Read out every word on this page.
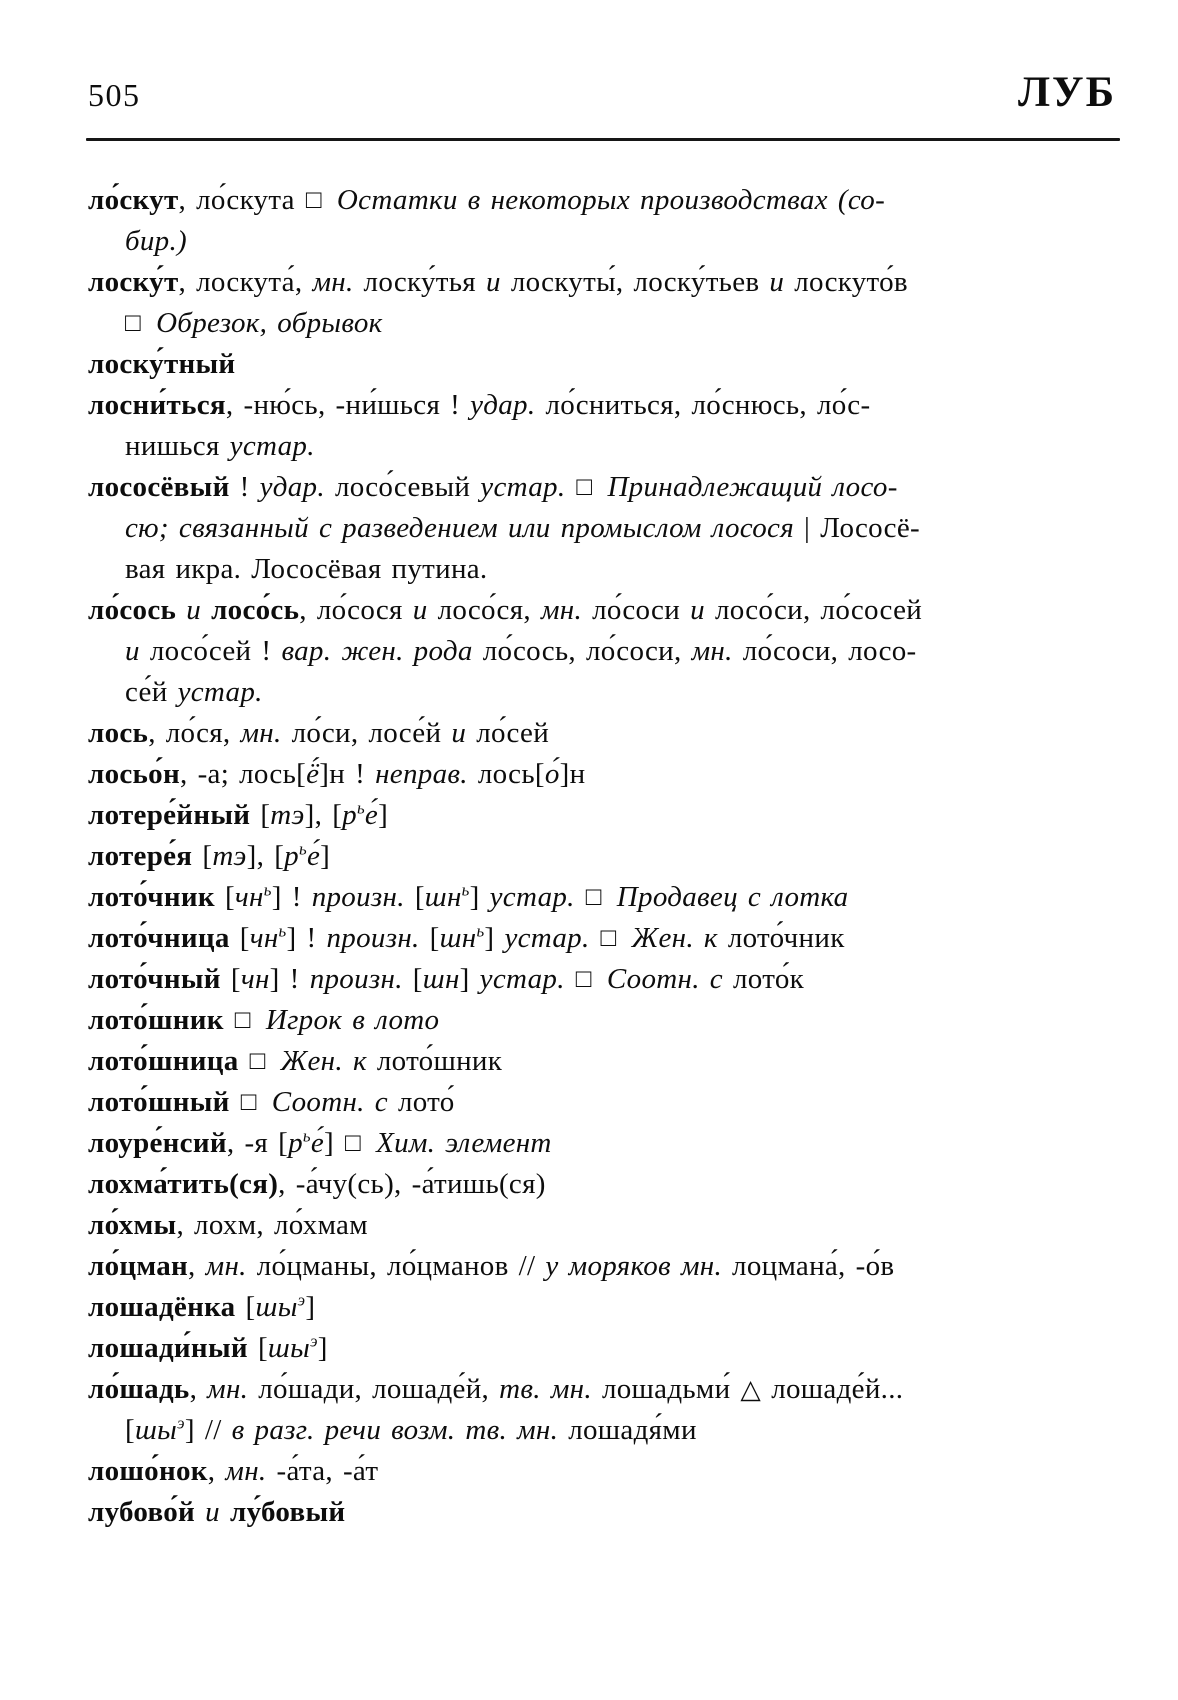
505	ЛУБ
ло́скут, ло́скута □ Остатки в некоторых производствах (со-
бир.)
лоску́т, лоскута́, мн. лоску́тья и лоскуты́, лоску́тьев и лоскуто́в
□ Обрезок, обрывок
лоску́тный
лосни́ться, -ню́сь, -ни́шься ! удар. ло́сниться, ло́снюсь, ло́с-
нишься устар.
лососёвый ! удар. лосо́севый устар. □ Принадлежащий лосо-
сю; связанный с разведением или промыслом лосося | Лососё-
вая икра. Лососёвая путина.
ло́сось и лосо́сь, ло́сося и лосо́ся, мн. ло́соси и лосо́си, ло́сосей
и лосо́сей ! вар. жен. рода ло́сось, ло́соси, мн. ло́соси, лосо-
се́й устар.
лось, ло́ся, мн. ло́си, лосе́й и ло́сей
лосьо́н, -а; лось[ё́]н ! неправ. лось[о́]н
лотере́йный [тэ], $[р^ье́]$
лотере́я [тэ], $[р^ье́]$
лото́чник $[чн^ь]$ ! произн. $[шн^ь]$ устар. □ Продавец с лотка
лото́чница $[чн^ь]$ ! произн. $[шн^ь]$ устар. □ Жен. к лото́чник
лото́чный [чн] ! произн. [шн] устар. □ Соотн. с лото́к
лото́шник □ Игрок в лото
лото́шница □ Жен. к лото́шник
лото́шный □ Соотн. с лото́
лоуре́нсий, -я $[р^ье́]$ □ Хим. элемент
лохма́тить(ся), -а́чу(сь), -а́тишь(ся)
ло́хмы, лохм, ло́хмам
ло́цман, мн. ло́цманы, ло́цманов // у моряков мн. лоцмана́, -о́в
лошадёнка $[шы^э]$
лошади́ный $[шы^э]$
ло́шадь, мн. ло́шади, лошаде́й, тв. мн. лошадьми́ △ лошаде́й...
$[шы^э]$ // в разг. речи возм. тв. мн. лошадя́ми
лошо́нок, мн. -а́та, -а́т
лубово́й и лу́бовый
